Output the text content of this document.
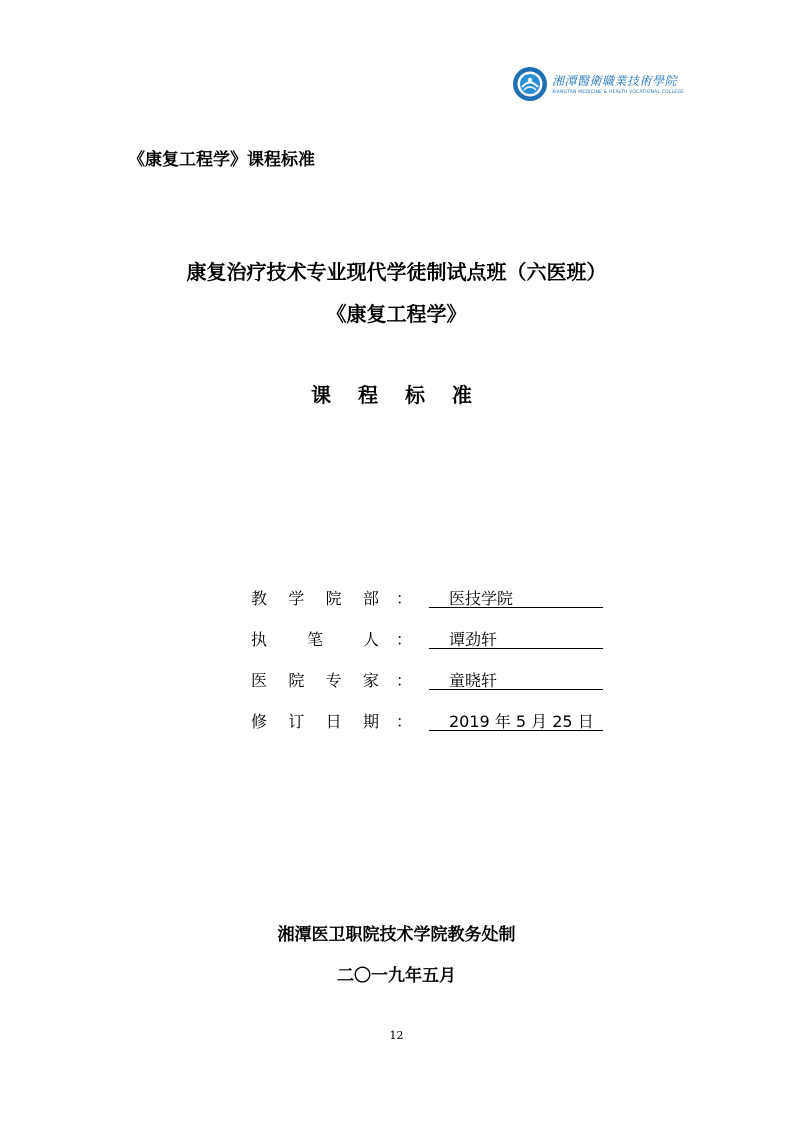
湘潭醫衛職業技術學院
XIANGTAN MEDICINE & HEALTH VOCATIONAL COLLEGE
《康复工程学》课程标准
康复治疗技术专业现代学徒制试点班（六医班）
《康复工程学》
课 程 标 准
教 学 院 部 ：	医技学院
执 笔 人 ：	谭劲轩
医 院 专 家 ：	童晓轩
修 订 日 期 ：	2019 年 5 月 25 日
湘潭医卫职院技术学院教务处制
二〇一九年五月
12
